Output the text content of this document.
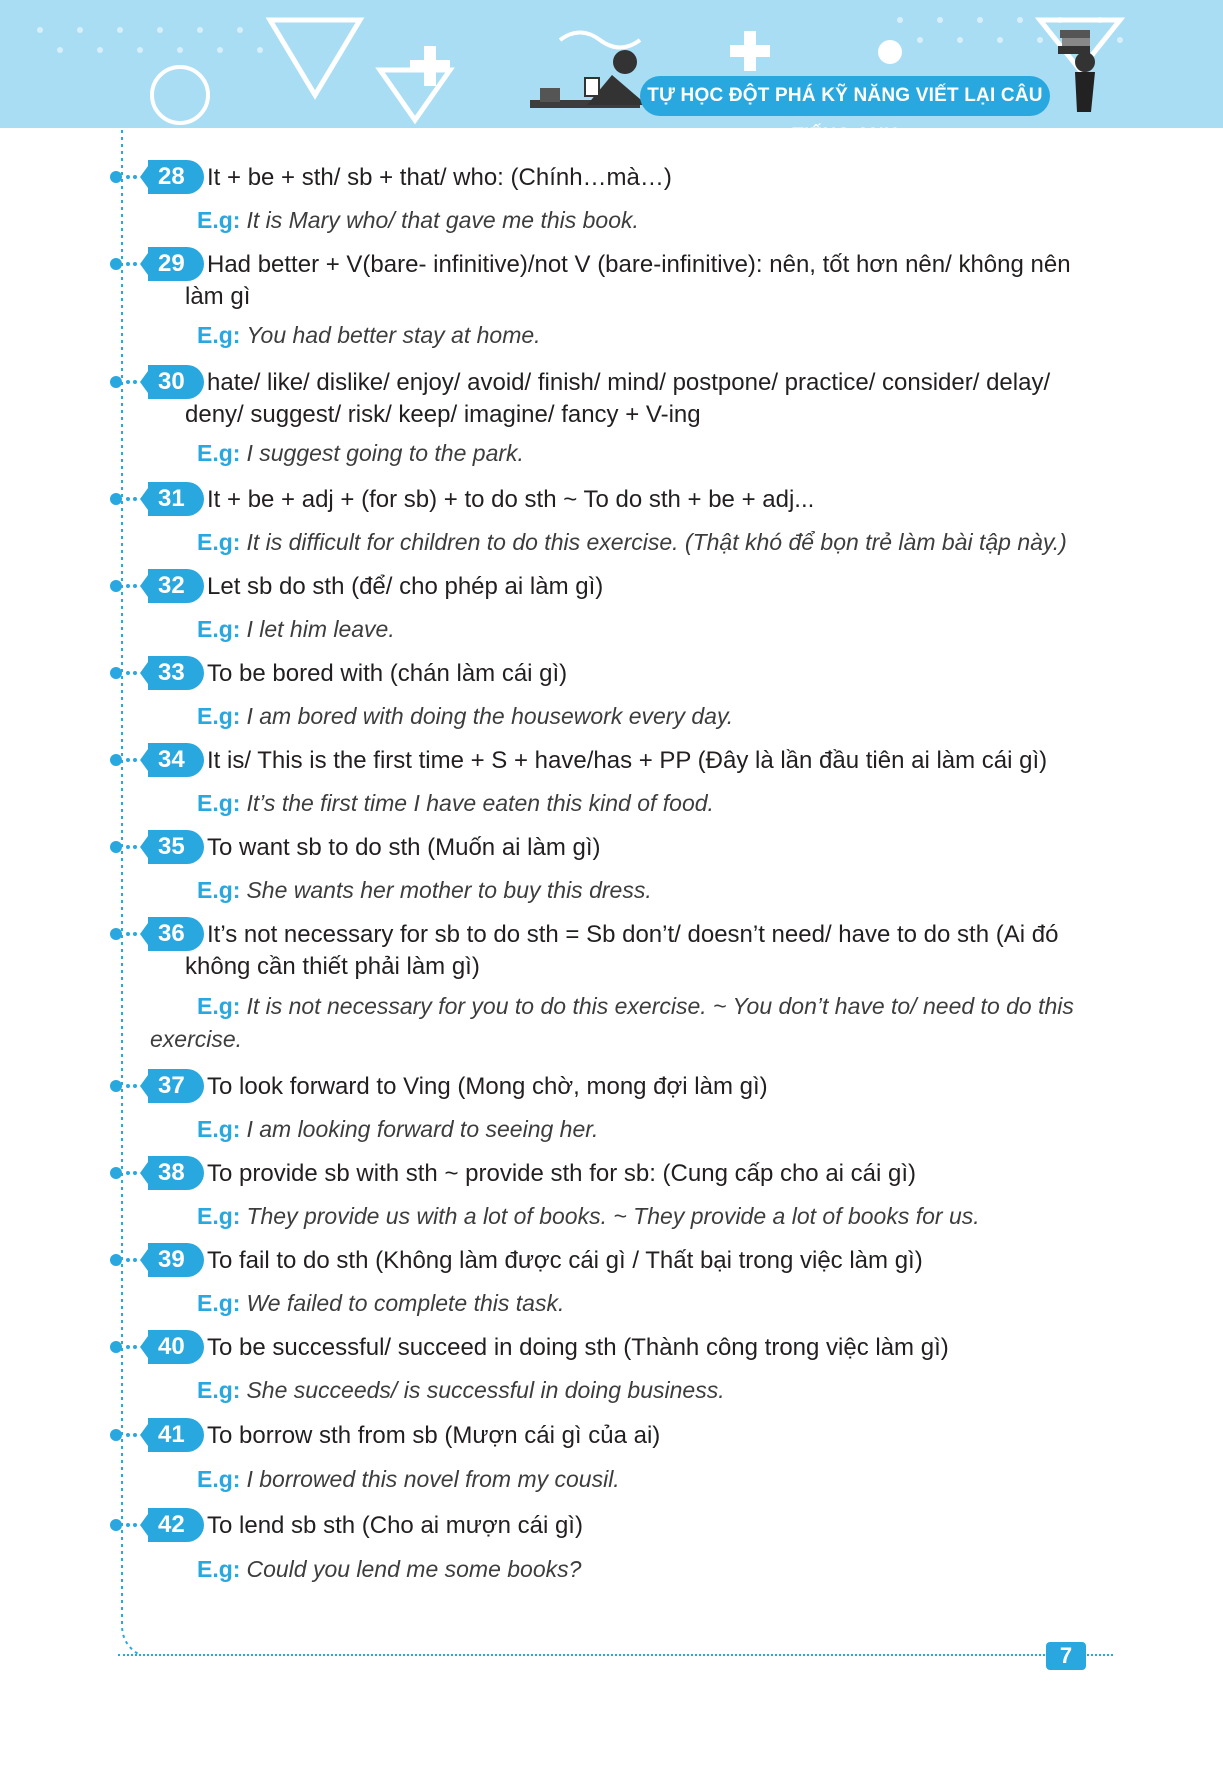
TỰ HỌC ĐỘT PHÁ KỸ NĂNG VIẾT LẠI CÂU TIẾNG ANH
28 It + be + sth/ sb + that/ who: (Chính…mà…)
E.g: It is Mary who/ that gave me this book.
29 Had better + V(bare- infinitive)/not V (bare-infinitive): nên, tốt hơn nên/ không nên làm gì
E.g: You had better stay at home.
30 hate/ like/ dislike/ enjoy/ avoid/ finish/ mind/ postpone/ practice/ consider/ delay/ deny/ suggest/ risk/ keep/ imagine/ fancy + V-ing
E.g: I suggest going to the park.
31 It + be + adj + (for sb) + to do sth ~ To do sth + be + adj...
E.g: It is difficult for children to do this exercise. (Thật khó để bọn trẻ làm bài tập này.)
32 Let sb do sth (để/ cho phép ai làm gì)
E.g: I let him leave.
33 To be bored with (chán làm cái gì)
E.g: I am bored with doing the housework every day.
34 It is/ This is the first time + S + have/has + PP (Đây là lần đầu tiên ai làm cái gì)
E.g: It’s the first time I have eaten this kind of food.
35 To want sb to do sth (Muốn ai làm gì)
E.g: She wants her mother to buy this dress.
36 It’s not necessary for sb to do sth = Sb don’t/ doesn’t need/ have to do sth (Ai đó không cần thiết phải làm gì)
E.g: It is not necessary for you to do this exercise. ~ You don’t have to/ need to do this exercise.
37 To look forward to Ving (Mong chờ, mong đợi làm gì)
E.g: I am looking forward to seeing her.
38 To provide sb with sth ~ provide sth for sb: (Cung cấp cho ai cái gì)
E.g: They provide us with a lot of books. ~ They provide a lot of books for us.
39 To fail to do sth (Không làm được cái gì / Thất bại trong việc làm gì)
E.g: We failed to complete this task.
40 To be successful/ succeed in doing sth (Thành công trong việc làm gì)
E.g: She succeeds/ is successful in doing business.
41 To borrow sth from sb (Mượn cái gì của ai)
E.g: I borrowed this novel from my cousil.
42 To lend sb sth (Cho ai mượn cái gì)
E.g: Could you lend me some books?
7
